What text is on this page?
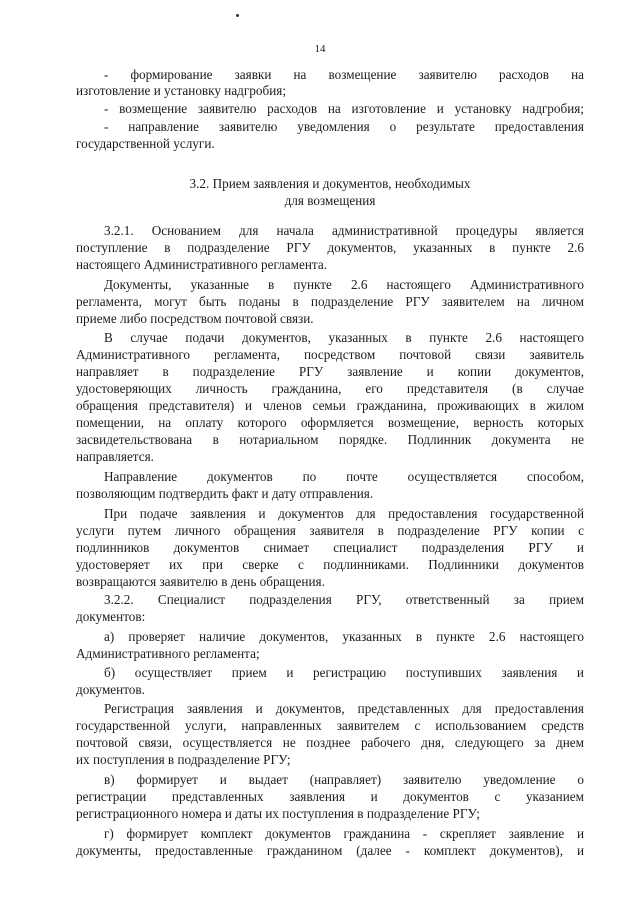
14
- формирование заявки на возмещение заявителю расходов на
изготовление и установку надгробия;
- возмещение заявителю расходов на изготовление и установку надгробия;
- направление заявителю уведомления о результате предоставления
государственной услуги.
3.2. Прием заявления и документов, необходимых
для возмещения
3.2.1. Основанием для начала административной процедуры является
поступление в подразделение РГУ документов, указанных в пункте 2.6
настоящего Административного регламента.
Документы, указанные в пункте 2.6 настоящего Административного
регламента, могут быть поданы в подразделение РГУ заявителем на личном
приеме либо посредством почтовой связи.
В случае подачи документов, указанных в пункте 2.6 настоящего
Административного регламента, посредством почтовой связи заявитель
направляет в подразделение РГУ заявление и копии документов,
удостоверяющих личность гражданина, его представителя (в случае
обращения представителя) и членов семьи гражданина, проживающих в жилом
помещении, на оплату которого оформляется возмещение, верность которых
засвидетельствована в нотариальном порядке. Подлинник документа не
направляется.
Направление документов по почте осуществляется способом,
позволяющим подтвердить факт и дату отправления.
При подаче заявления и документов для предоставления государственной
услуги путем личного обращения заявителя в подразделение РГУ копии с
подлинников документов снимает специалист подразделения РГУ и
удостоверяет их при сверке с подлинниками. Подлинники документов
возвращаются заявителю в день обращения.
3.2.2. Специалист подразделения РГУ, ответственный за прием
документов:
а) проверяет наличие документов, указанных в пункте 2.6 настоящего
Административного регламента;
б) осуществляет прием и регистрацию поступивших заявления и
документов.
Регистрация заявления и документов, представленных для предоставления
государственной услуги, направленных заявителем с использованием средств
почтовой связи, осуществляется не позднее рабочего дня, следующего за днем
их поступления в подразделение РГУ;
в) формирует и выдает (направляет) заявителю уведомление о
регистрации представленных заявления и документов с указанием
регистрационного номера и даты их поступления в подразделение РГУ;
г) формирует комплект документов гражданина - скрепляет заявление и
документы, предоставленные гражданином (далее - комплект документов), и
